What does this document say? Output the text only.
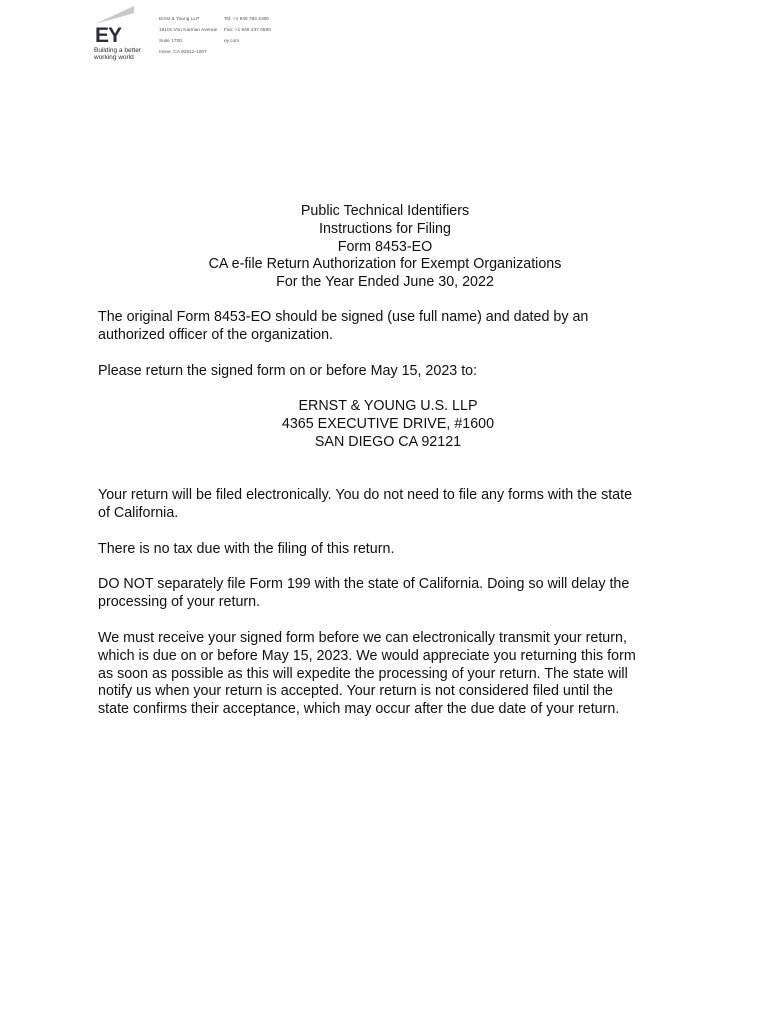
EY
Building a better
working world
Ernst & Young LLP
18101 Von Karman Avenue
Suite 1700
Irvine, CA 92612-1007
Tel: +1 949 794 2300
Fax: +1 949 437 0590
ey.com
Public Technical Identifiers
Instructions for Filing
Form 8453-EO
CA e-file Return Authorization for Exempt Organizations
For the Year Ended June 30, 2022
The original Form 8453-EO should be signed (use full name) and dated by an
authorized officer of the organization.
Please return the signed form on or before May 15, 2023 to:
ERNST & YOUNG U.S. LLP
4365 EXECUTIVE DRIVE, #1600
SAN DIEGO CA 92121
Your return will be filed electronically. You do not need to file any forms with the state
of California.
There is no tax due with the filing of this return.
DO NOT separately file Form 199 with the state of California. Doing so will delay the
processing of your return.
We must receive your signed form before we can electronically transmit your return,
which is due on or before May 15, 2023. We would appreciate you returning this form
as soon as possible as this will expedite the processing of your return. The state will
notify us when your return is accepted. Your return is not considered filed until the
state confirms their acceptance, which may occur after the due date of your return.
